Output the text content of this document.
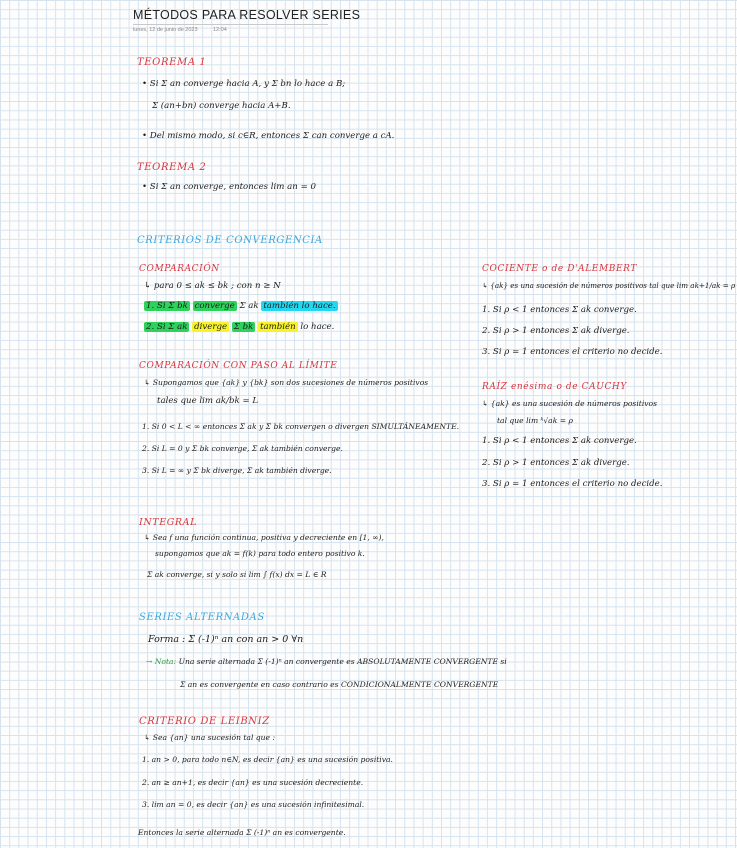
MÉTODOS PARA RESOLVER SERIES
lunes, 12 de junio de 2023	12:04
TEOREMA 1
• Si Σ an converge hacia A, y Σ bn lo hace a B;
Σ (an+bn) converge hacia A+B.
• Del mismo modo, si c∈R, entonces Σ can converge a cA.
TEOREMA 2
• Si Σ an converge, entonces lim an = 0
CRITERIOS DE CONVERGENCIA
COMPARACIÓN
↳ para 0 ≤ ak ≤ bk ; con n ≥ N
1. Si Σ bk converge Σ ak también lo hace.
2. Si Σ ak diverge Σ bk también lo hace.
COMPARACIÓN CON PASO AL LÍMITE
↳ Supongamos que {ak} y {bk} son dos sucesiones de números positivos
tales que lim ak/bk = L
1. Si 0 < L < ∞ entonces Σ ak y Σ bk convergen o divergen SIMULTÁNEAMENTE.
2. Si L = 0 y Σ bk converge, Σ ak también converge.
3. Si L = ∞ y Σ bk diverge, Σ ak también diverge.
COCIENTE o de D'ALEMBERT
↳ {ak} es una sucesión de números positivos tal que lim ak+1/ak = ρ
1. Si ρ < 1 entonces Σ ak converge.
2. Si ρ > 1 entonces Σ ak diverge.
3. Si ρ = 1 entonces el criterio no decide.
RAÍZ enésima o de CAUCHY
↳ {ak} es una sucesión de números positivos
tal que lim ᵏ√ak = ρ
1. Si ρ < 1 entonces Σ ak converge.
2. Si ρ > 1 entonces Σ ak diverge.
3. Si ρ = 1 entonces el criterio no decide.
INTEGRAL
↳ Sea f una función continua, positiva y decreciente en [1, ∞),
supongamos que ak = f(k) para todo entero positivo k.
Σ ak converge, si y solo si lim ∫ f(x) dx = L ∈ R
SERIES ALTERNADAS
Forma : Σ (-1)ⁿ an con an > 0 ∀n
→ Nota: Una serie alternada Σ (-1)ⁿ an convergente es ABSOLUTAMENTE CONVERGENTE si
Σ an es convergente en caso contrario es CONDICIONALMENTE CONVERGENTE
CRITERIO DE LEIBNIZ
↳ Sea {an} una sucesión tal que :
1. an > 0, para todo n∈N, es decir {an} es una sucesión positiva.
2. an ≥ an+1, es decir {an} es una sucesión decreciente.
3. lim an = 0, es decir {an} es una sucesión infinitesimal.
Entonces la serie alternada Σ (-1)ⁿ an es convergente.
